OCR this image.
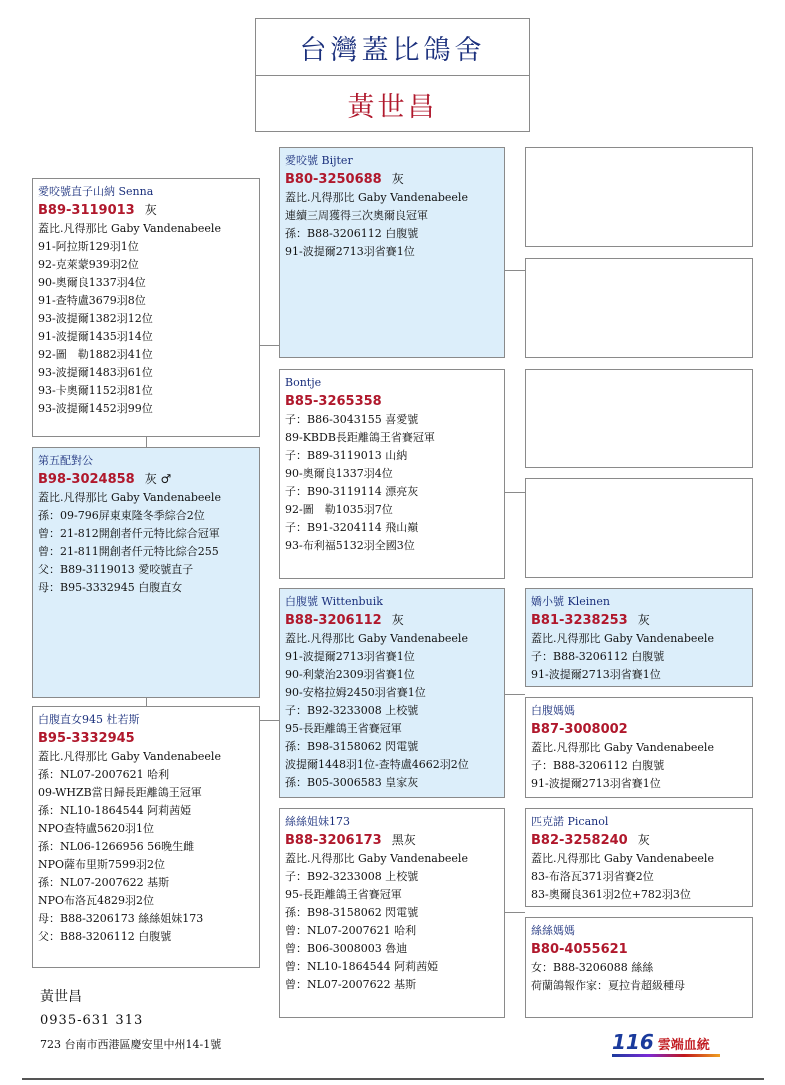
台灣蓋比鴿舍
黃世昌
愛咬號直子山納 Senna
B89-3119013 灰
蓋比.凡得那比 Gaby Vandenabeele
91-阿拉斯129羽1位
92-克萊蒙939羽2位
90-奧爾良1337羽4位
91-查特盧3679羽8位
93-波提爾1382羽12位
91-波提爾1435羽14位
92-圖　勒1882羽41位
93-波提爾1483羽61位
93-卡奧爾1152羽81位
93-波提爾1452羽99位
第五配對公
B98-3024858 灰 ♂
蓋比.凡得那比 Gaby Vandenabeele
孫：09-796屏東東隆冬季綜合2位
曾：21-812開創者仟元特比綜合冠軍
曾：21-811開創者仟元特比綜合255
父：B89-3119013 愛咬號直子
母：B95-3332945 白腹直女
白腹直女945 杜若斯
B95-3332945
蓋比.凡得那比 Gaby Vandenabeele
孫：NL07-2007621 哈利
09-WHZB當日歸長距離鴿王冠軍
孫：NL10-1864544 阿莉茜婭
NPO查特盧5620羽1位
孫：NL06-1266956 56晚生雌
NPO薩布里斯7599羽2位
孫：NL07-2007622 基斯
NPO布洛瓦4829羽2位
母：B88-3206173 絲絲姐妹173
父：B88-3206112 白腹號
愛咬號 Bijter
B80-3250688 灰
蓋比.凡得那比 Gaby Vandenabeele
連續三周獲得三次奧爾良冠軍
孫：B88-3206112 白腹號
91-波提爾2713羽省賽1位
Bontje
B85-3265358
子：B86-3043155 喜愛號
89-KBDB長距離鴿王省賽冠軍
子：B89-3119013 山納
90-奧爾良1337羽4位
子：B90-3119114 漂亮灰
92-圖　勒1035羽7位
子：B91-3204114 飛山巔
93-布利福5132羽全國3位
白腹號 Wittenbuik
B88-3206112 灰
蓋比.凡得那比 Gaby Vandenabeele
91-波提爾2713羽省賽1位
90-利蒙治2309羽省賽1位
90-安格拉姆2450羽省賽1位
子：B92-3233008 上校號
95-長距離鴿王省賽冠軍
孫：B98-3158062 閃電號
波提爾1448羽1位-查特盧4662羽2位
孫：B05-3006583 皇家灰
絲絲姐妹173
B88-3206173 黑灰
蓋比.凡得那比 Gaby Vandenabeele
子：B92-3233008 上校號
95-長距離鴿王省賽冠軍
孫：B98-3158062 閃電號
曾：NL07-2007621 哈利
曾：B06-3008003 魯迪
曾：NL10-1864544 阿莉茜婭
曾：NL07-2007622 基斯
嬌小號 Kleinen
B81-3238253 灰
蓋比.凡得那比 Gaby Vandenabeele
子：B88-3206112 白腹號
91-波提爾2713羽省賽1位
白腹媽媽
B87-3008002
蓋比.凡得那比 Gaby Vandenabeele
子：B88-3206112 白腹號
91-波提爾2713羽省賽1位
匹克諾 Picanol
B82-3258240 灰
蓋比.凡得那比 Gaby Vandenabeele
83-布洛瓦371羽省賽2位
83-奧爾良361羽2位+782羽3位
絲絲媽媽
B80-4055621
女：B88-3206088 絲絲
荷蘭鴿報作家：夏拉肯超級種母
黃世昌
0935-631 313
723 台南市西港區慶安里中州14-1號	116 雲端血統
